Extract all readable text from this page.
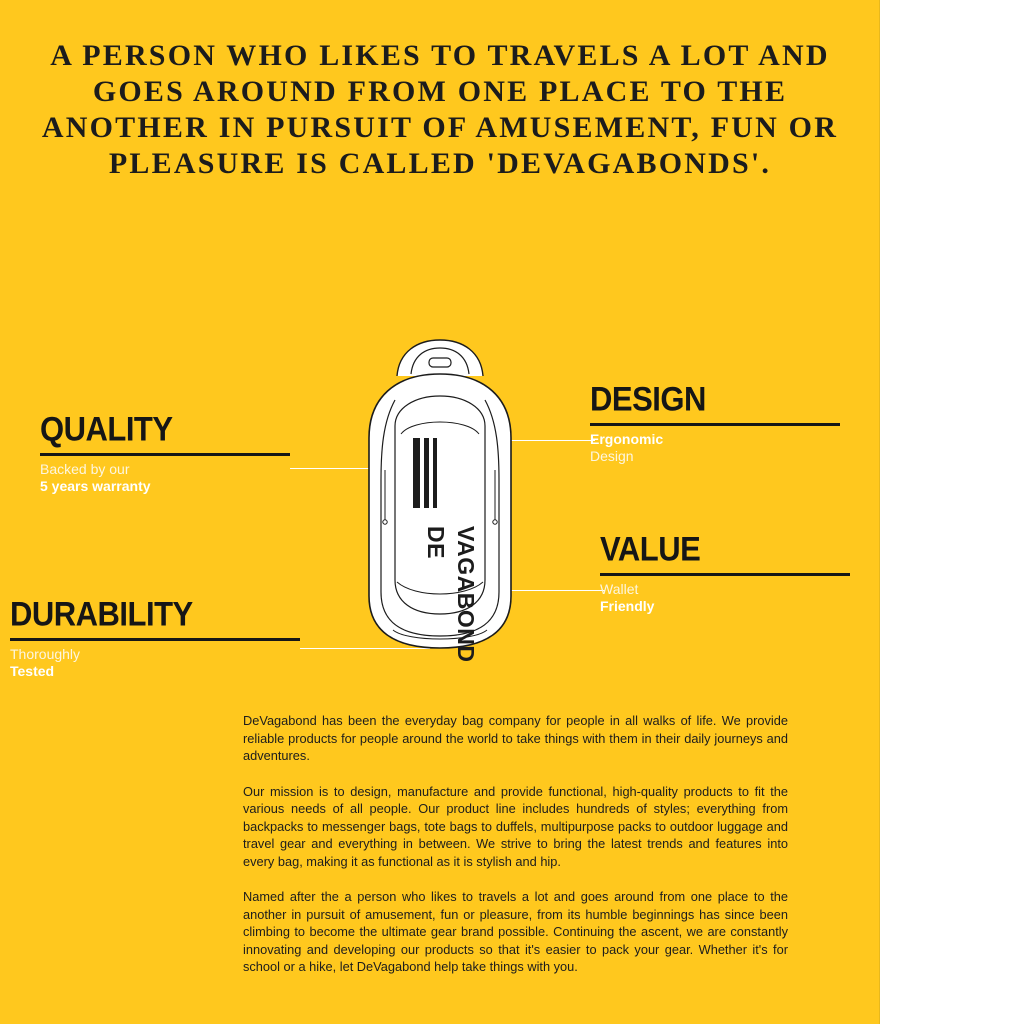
A PERSON WHO LIKES TO TRAVELS A LOT AND GOES AROUND FROM ONE PLACE TO THE ANOTHER IN PURSUIT OF AMUSEMENT, FUN OR PLEASURE IS CALLED 'DEVAGABONDS'.
QUALITY
Backed by our
5 years warranty
DURABILITY
Thoroughly
Tested
DESIGN
Ergonomic
Design
VALUE
Wallet
Friendly
DE VAGABOND

DeVagabond has been the everyday bag company for people in all walks of life. We provide reliable products for people around the world to take things with them in their daily journeys and adventures.

Our mission is to design, manufacture and provide functional, high-quality products to fit the various needs of all people. Our product line includes hundreds of styles; everything from backpacks to messenger bags, tote bags to duffels, multipurpose packs to outdoor luggage and travel gear and everything in between. We strive to bring the latest trends and features into every bag, making it as functional as it is stylish and hip.

Named after the a person who likes to travels a lot and goes around from one place to the another in pursuit of amusement, fun or pleasure, from its humble beginnings has since been climbing to become the ultimate gear brand possible. Continuing the ascent, we are constantly innovating and developing our products so that it's easier to pack your gear. Whether it's for school or a hike, let DeVagabond help take things with you.
